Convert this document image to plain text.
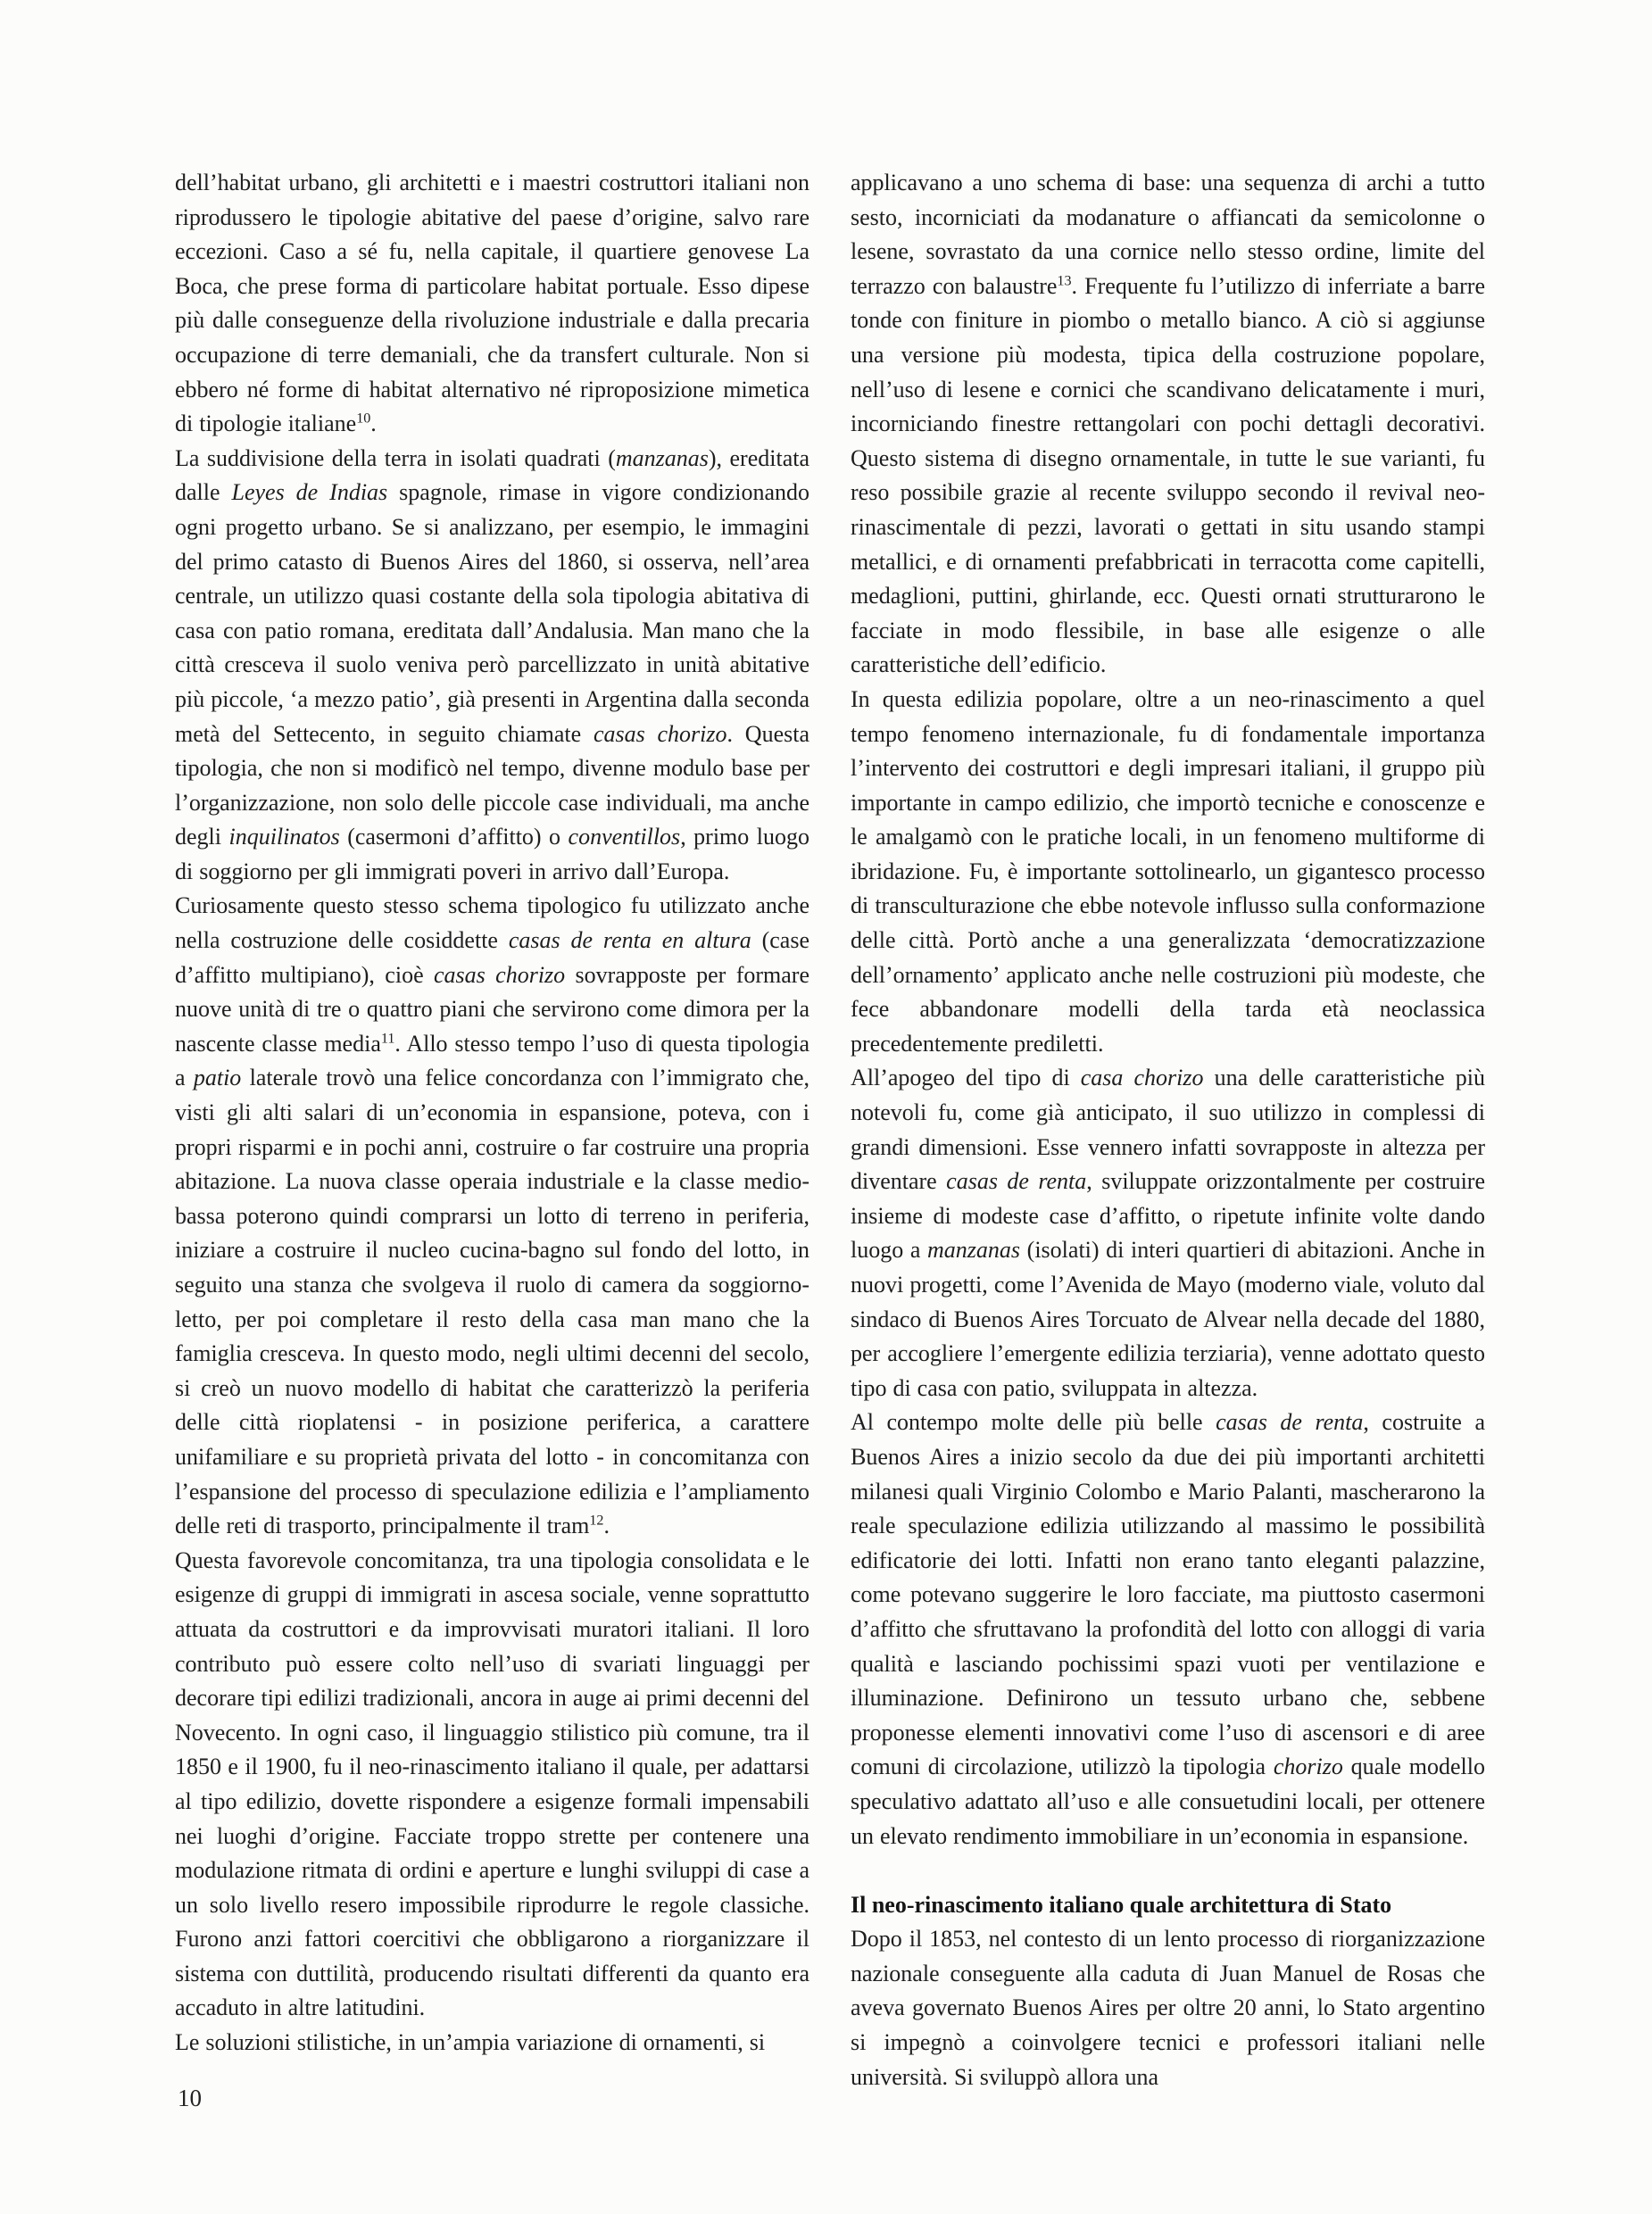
dell’habitat urbano, gli architetti e i maestri costruttori italiani non riprodussero le tipologie abitative del paese d’origine, salvo rare eccezioni. Caso a sé fu, nella capitale, il quartiere genovese La Boca, che prese forma di particolare habitat portuale. Esso dipese più dalle conseguenze della rivoluzione industriale e dalla precaria occupazione di terre demaniali, che da transfert culturale. Non si ebbero né forme di habitat alternativo né riproposizione mimetica di tipologie italiane$^{10}$.

La suddivisione della terra in isolati quadrati (manzanas), ereditata dalle Leyes de Indias spagnole, rimase in vigore condizionando ogni progetto urbano. Se si analizzano, per esempio, le immagini del primo catasto di Buenos Aires del 1860, si osserva, nell’area centrale, un utilizzo quasi costante della sola tipologia abitativa di casa con patio romana, ereditata dall’Andalusia. Man mano che la città cresceva il suolo veniva però parcellizzato in unità abitative più piccole, ‘a mezzo patio’, già presenti in Argentina dalla seconda metà del Settecento, in seguito chiamate casas chorizo. Questa tipologia, che non si modificò nel tempo, divenne modulo base per l’organizzazione, non solo delle piccole case individuali, ma anche degli inquilinatos (casermoni d’affitto) o conventillos, primo luogo di soggiorno per gli immigrati poveri in arrivo dall’Europa.

Curiosamente questo stesso schema tipologico fu utilizzato anche nella costruzione delle cosiddette casas de renta en altura (case d’affitto multipiano), cioè casas chorizo sovrapposte per formare nuove unità di tre o quattro piani che servirono come dimora per la nascente classe media$^{11}$. Allo stesso tempo l’uso di questa tipologia a patio laterale trovò una felice concordanza con l’immigrato che, visti gli alti salari di un’economia in espansione, poteva, con i propri risparmi e in pochi anni, costruire o far costruire una propria abitazione. La nuova classe operaia industriale e la classe medio-bassa poterono quindi comprarsi un lotto di terreno in periferia, iniziare a costruire il nucleo cucina-bagno sul fondo del lotto, in seguito una stanza che svolgeva il ruolo di camera da soggiorno-letto, per poi completare il resto della casa man mano che la famiglia cresceva. In questo modo, negli ultimi decenni del secolo, si creò un nuovo modello di habitat che caratterizzò la periferia delle città rioplatensi - in posizione periferica, a carattere unifamiliare e su proprietà privata del lotto - in concomitanza con l’espansione del processo di speculazione edilizia e l’ampliamento delle reti di trasporto, principalmente il tram$^{12}$.

Questa favorevole concomitanza, tra una tipologia consolidata e le esigenze di gruppi di immigrati in ascesa sociale, venne soprattutto attuata da costruttori e da improvvisati muratori italiani. Il loro contributo può essere colto nell’uso di svariati linguaggi per decorare tipi edilizi tradizionali, ancora in auge ai primi decenni del Novecento. In ogni caso, il linguaggio stilistico più comune, tra il 1850 e il 1900, fu il neo-rinascimento italiano il quale, per adattarsi al tipo edilizio, dovette rispondere a esigenze formali impensabili nei luoghi d’origine. Facciate troppo strette per contenere una modulazione ritmata di ordini e aperture e lunghi sviluppi di case a un solo livello resero impossibile riprodurre le regole classiche. Furono anzi fattori coercitivi che obbligarono a riorganizzare il sistema con duttilità, producendo risultati differenti da quanto era accaduto in altre latitudini.

Le soluzioni stilistiche, in un’ampia variazione di ornamenti, si

applicavano a uno schema di base: una sequenza di archi a tutto sesto, incorniciati da modanature o affiancati da semicolonne o lesene, sovrastato da una cornice nello stesso ordine, limite del terrazzo con balaustre$^{13}$. Frequente fu l’utilizzo di inferriate a barre tonde con finiture in piombo o metallo bianco. A ciò si aggiunse una versione più modesta, tipica della costruzione popolare, nell’uso di lesene e cornici che scandivano delicatamente i muri, incorniciando finestre rettangolari con pochi dettagli decorativi. Questo sistema di disegno ornamentale, in tutte le sue varianti, fu reso possibile grazie al recente sviluppo secondo il revival neo-rinascimentale di pezzi, lavorati o gettati in situ usando stampi metallici, e di ornamenti prefabbricati in terracotta come capitelli, medaglioni, puttini, ghirlande, ecc. Questi ornati strutturarono le facciate in modo flessibile, in base alle esigenze o alle caratteristiche dell’edificio.

In questa edilizia popolare, oltre a un neo-rinascimento a quel tempo fenomeno internazionale, fu di fondamentale importanza l’intervento dei costruttori e degli impresari italiani, il gruppo più importante in campo edilizio, che importò tecniche e conoscenze e le amalgamò con le pratiche locali, in un fenomeno multiforme di ibridazione. Fu, è importante sottolinearlo, un gigantesco processo di transculturazione che ebbe notevole influsso sulla conformazione delle città. Portò anche a una generalizzata ‘democratizzazione dell’ornamento’ applicato anche nelle costruzioni più modeste, che fece abbandonare modelli della tarda età neoclassica precedentemente prediletti.

All’apogeo del tipo di casa chorizo una delle caratteristiche più notevoli fu, come già anticipato, il suo utilizzo in complessi di grandi dimensioni. Esse vennero infatti sovrapposte in altezza per diventare casas de renta, sviluppate orizzontalmente per costruire insieme di modeste case d’affitto, o ripetute infinite volte dando luogo a manzanas (isolati) di interi quartieri di abitazioni. Anche in nuovi progetti, come l’Avenida de Mayo (moderno viale, voluto dal sindaco di Buenos Aires Torcuato de Alvear nella decade del 1880, per accogliere l’emergente edilizia terziaria), venne adottato questo tipo di casa con patio, sviluppata in altezza.

Al contempo molte delle più belle casas de renta, costruite a Buenos Aires a inizio secolo da due dei più importanti architetti milanesi quali Virginio Colombo e Mario Palanti, mascherarono la reale speculazione edilizia utilizzando al massimo le possibilità edificatorie dei lotti. Infatti non erano tanto eleganti palazzine, come potevano suggerire le loro facciate, ma piuttosto casermoni d’affitto che sfruttavano la profondità del lotto con alloggi di varia qualità e lasciando pochissimi spazi vuoti per ventilazione e illuminazione. Definirono un tessuto urbano che, sebbene proponesse elementi innovativi come l’uso di ascensori e di aree comuni di circolazione, utilizzò la tipologia chorizo quale modello speculativo adattato all’uso e alle consuetudini locali, per ottenere un elevato rendimento immobiliare in un’economia in espansione.

Il neo-rinascimento italiano quale architettura di Stato

Dopo il 1853, nel contesto di un lento processo di riorganizzazione nazionale conseguente alla caduta di Juan Manuel de Rosas che aveva governato Buenos Aires per oltre 20 anni, lo Stato argentino si impegnò a coinvolgere tecnici e professori italiani nelle università. Si sviluppò allora una

10
